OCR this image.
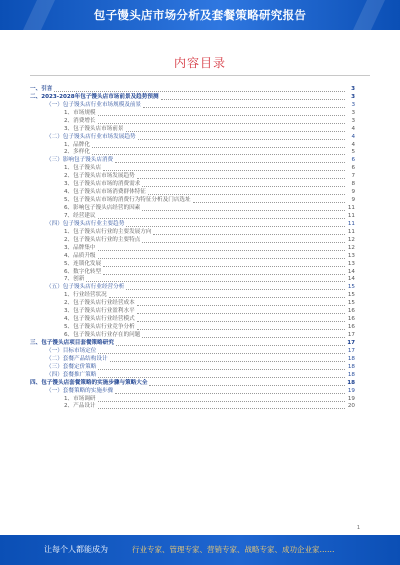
包子馒头店市场分析及套餐策略研究报告
内容目录
一、引言	3
二、2023-2028年包子馒头店市场前景及趋势预测	3
（一）包子馒头店行业市场规模及前景	3
1、市场规模	3
2、消费增长	3
3、包子馒头店市场前景	4
（二）包子馒头店行业市场发展趋势	4
1、品牌化	4
2、多样化	5
（三）影响包子馒头店消费	6
1、包子馒头店	6
2、包子馒头店市场发展趋势	7
3、包子馒头店市场的消费需求	8
4、包子馒头店市场消费群体特征	9
5、包子馒头店市场的消费行为特征分析及门店选址	9
6、影响包子馒头店经营的因素	11
7、经营建议	11
（四）包子馒头店行业主要趋势	11
1、包子馒头店行业的主要发展方向	11
2、包子馒头店行业的主要特点	12
3、品牌集中	12
4、品质升级	13
5、连锁化发展	13
6、数字化转型	14
7、创新	14
（五）包子馒头店行业经营分析	15
1、行业经营状况	15
2、包子馒头店行业经营成本	15
3、包子馒头店行业盈利水平	16
4、包子馒头店行业经营模式	16
5、包子馒头店行业竞争分析	16
6、包子馒头店行业存在的问题	17
三、包子馒头店项目套餐策略研究	17
（一）目标市场定位	17
（二）套餐产品结构设计	18
（三）套餐定价策略	18
（四）套餐推广策略	18
四、包子馒头店套餐策略的实施步骤与策略大全	18
（一）套餐策略的实施步骤	19
1、市场调研	19
2、产品设计	20
1
让每个人都能成为	行业专家、管理专家、营销专家、战略专家、成功企业家……
